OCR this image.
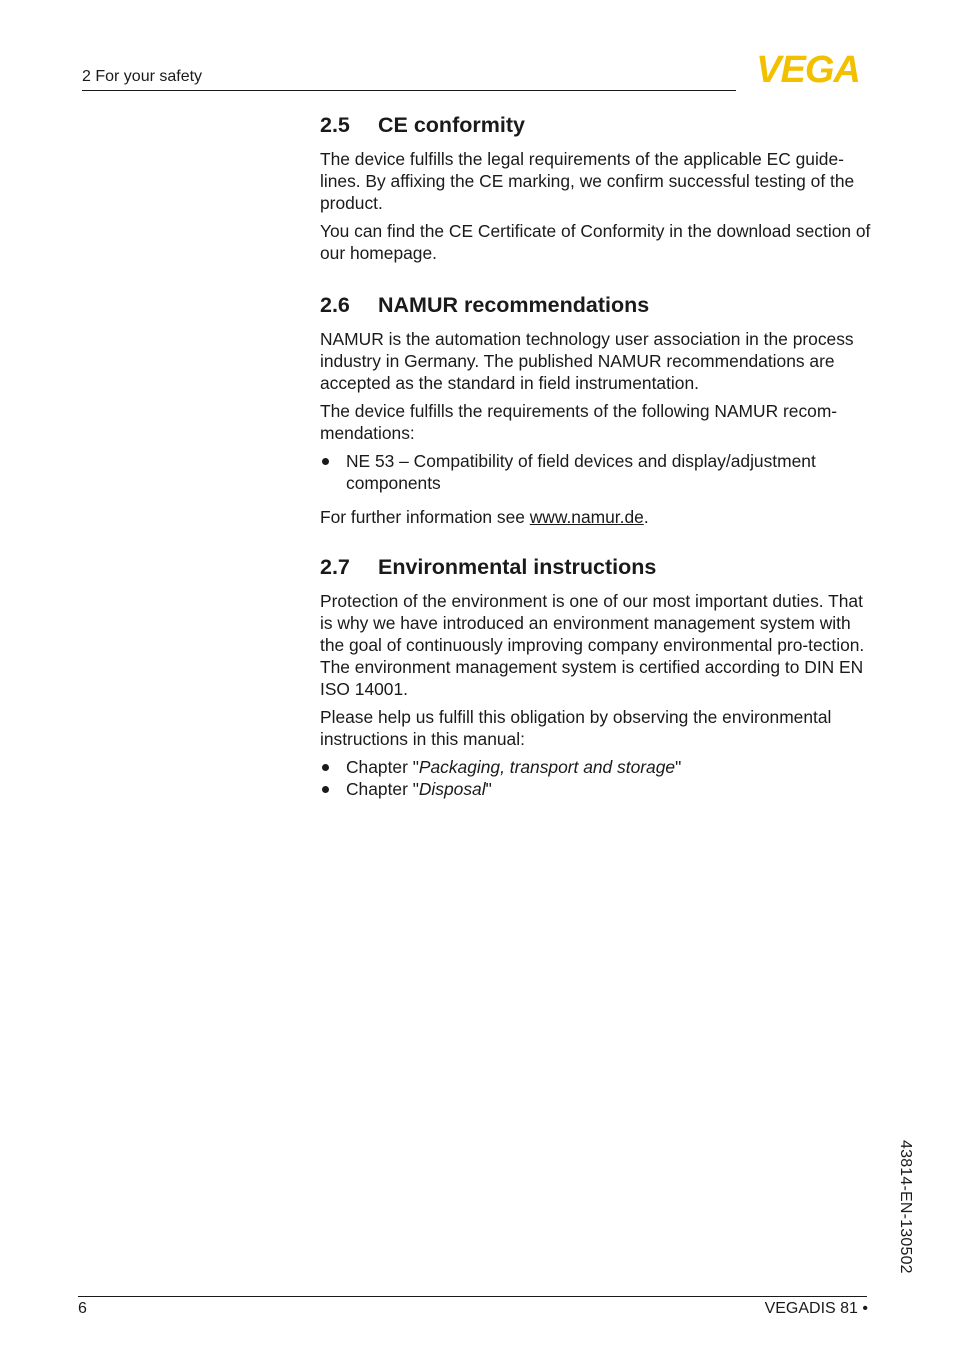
2 For your safety	VEGA
2.5	CE conformity

The device fulfills the legal requirements of the applicable EC guide-lines. By affixing the CE marking, we confirm successful testing of the product.

You can find the CE Certificate of Conformity in the download section of our homepage.

2.6	NAMUR recommendations

NAMUR is the automation technology user association in the process industry in Germany. The published NAMUR recommendations are accepted as the standard in field instrumentation.

The device fulfills the requirements of the following NAMUR recom-mendations:

NE 53 – Compatibility of field devices and display/adjustment components

For further information see www.namur.de.

2.7	Environmental instructions

Protection of the environment is one of our most important duties. That is why we have introduced an environment management system with the goal of continuously improving company environmental pro-tection. The environment management system is certified according to DIN EN ISO 14001.

Please help us fulfill this obligation by observing the environmental instructions in this manual:

Chapter "Packaging, transport and storage"
Chapter "Disposal"
43814-EN-130502
6	VEGADIS 81 •
